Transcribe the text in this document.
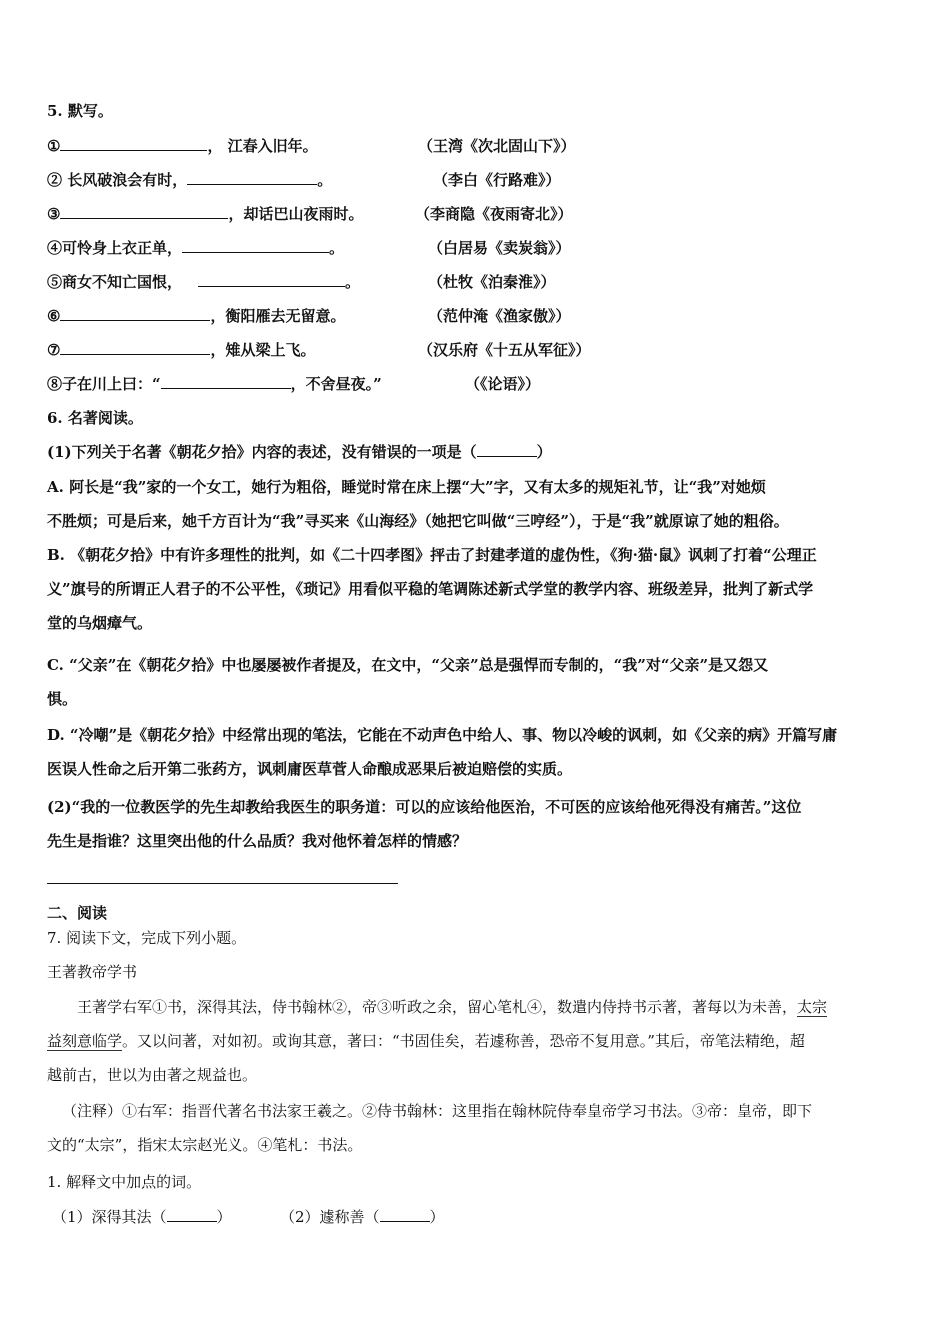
5. 默写。
①	， 江春入旧年。	（王湾《次北固山下》）
② 长风破浪会有时，	。	（李白《行路难》）
③	，却话巴山夜雨时。	（李商隐《夜雨寄北》）
④可怜身上衣正单，	。	（白居易《卖炭翁》）
⑤商女不知亡国恨，	。	（杜牧《泊秦淮》）
⑥	，衡阳雁去无留意。	（范仲淹《渔家傲》）
⑦	，雉从梁上飞。	（汉乐府《十五从军征》）
⑧子在川上曰：“	，不舍昼夜。”	（《论语》）
6. 名著阅读。
(1)下列关于名著《朝花夕拾》内容的表述，没有错误的一项是（	）
A. 阿长是“我”家的一个女工，她行为粗俗，睡觉时常在床上摆“大”字，又有太多的规矩礼节，让“我”对她烦
不胜烦；可是后来，她千方百计为“我”寻买来《山海经》（她把它叫做“三哼经”），于是“我”就原谅了她的粗俗。
B. 《朝花夕拾》中有许多理性的批判，如《二十四孝图》抨击了封建孝道的虚伪性，《狗·猫·鼠》讽刺了打着“公理正
义”旗号的所谓正人君子的不公平性，《琐记》用看似平稳的笔调陈述新式学堂的教学内容、班级差异，批判了新式学
堂的乌烟瘴气。
C. “父亲”在《朝花夕拾》中也屡屡被作者提及，在文中，“父亲”总是强悍而专制的，“我”对“父亲”是又怨又
惧。
D. “冷嘲”是《朝花夕拾》中经常出现的笔法，它能在不动声色中给人、事、物以冷峻的讽刺，如《父亲的病》开篇写庸
医误人性命之后开第二张药方，讽刺庸医草菅人命酿成恶果后被迫赔偿的实质。
(2)“我的一位教医学的先生却教给我医生的职务道：可以的应该给他医治，不可医的应该给他死得没有痛苦。”这位
先生是指谁？这里突出他的什么品质？我对他怀着怎样的情感？
二、阅读
7. 阅读下文，完成下列小题。
王著教帝学书
王著学右军①书，深得其法，侍书翰林②，帝③听政之余，留心笔札④，数遣内侍持书示著，著每以为未善，太宗
益刻意临学。又以问著，对如初。或询其意，著曰：“书固佳矣，若遽称善，恐帝不复用意。”其后，帝笔法精绝，超
越前古，世以为由著之规益也。
（注释）①右军：指晋代著名书法家王羲之。②侍书翰林：这里指在翰林院侍奉皇帝学习书法。③帝：皇帝，即下
文的“太宗”，指宋太宗赵光义。④笔札：书法。
1. 解释文中加点的词。
（1）深得其法（	）	（2）遽称善（	）
